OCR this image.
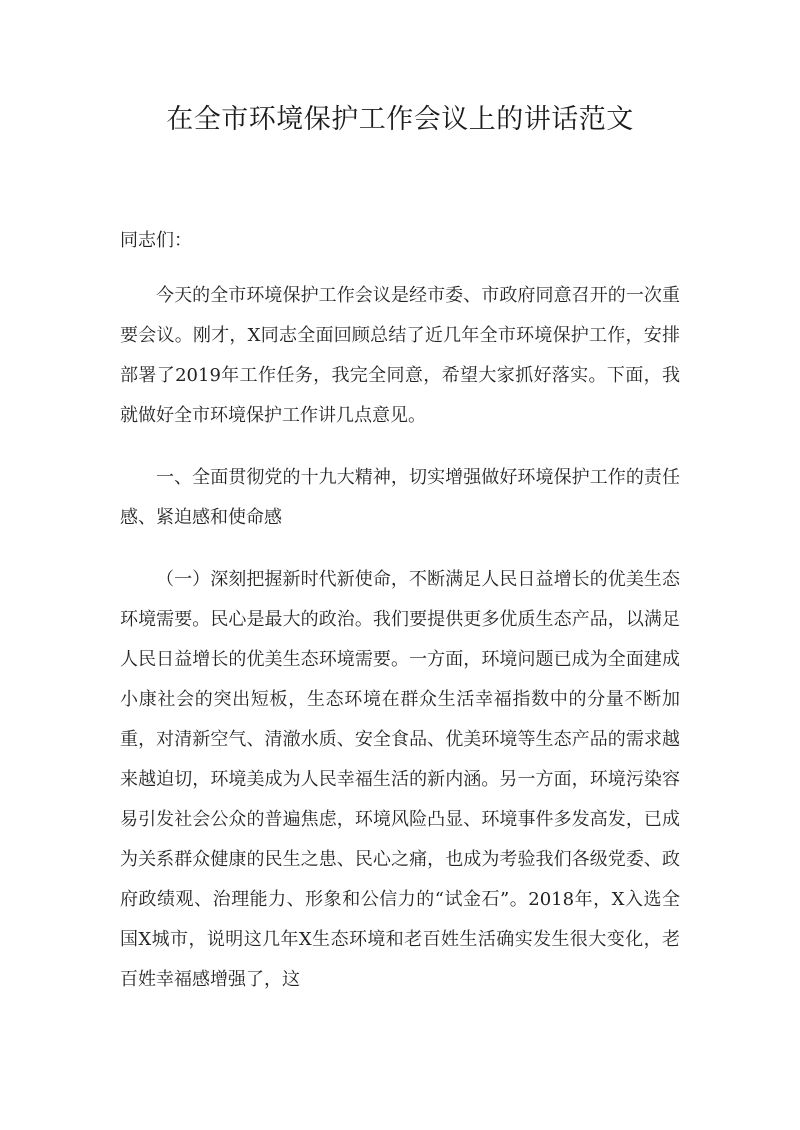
在全市环境保护工作会议上的讲话范文
同志们：

今天的全市环境保护工作会议是经市委、市政府同意召开的一次重要会议。刚才，X同志全面回顾总结了近几年全市环境保护工作，安排部署了2019年工作任务，我完全同意，希望大家抓好落实。下面，我就做好全市环境保护工作讲几点意见。

一、全面贯彻党的十九大精神，切实增强做好环境保护工作的责任感、紧迫感和使命感

（一）深刻把握新时代新使命，不断满足人民日益增长的优美生态环境需要。民心是最大的政治。我们要提供更多优质生态产品，以满足人民日益增长的优美生态环境需要。一方面，环境问题已成为全面建成小康社会的突出短板，生态环境在群众生活幸福指数中的分量不断加重，对清新空气、清澈水质、安全食品、优美环境等生态产品的需求越来越迫切，环境美成为人民幸福生活的新内涵。另一方面，环境污染容易引发社会公众的普遍焦虑，环境风险凸显、环境事件多发高发，已成为关系群众健康的民生之患、民心之痛，也成为考验我们各级党委、政府政绩观、治理能力、形象和公信力的“试金石”。2018年，X入选全国X城市，说明这几年X生态环境和老百姓生活确实发生很大变化，老百姓幸福感增强了，这
